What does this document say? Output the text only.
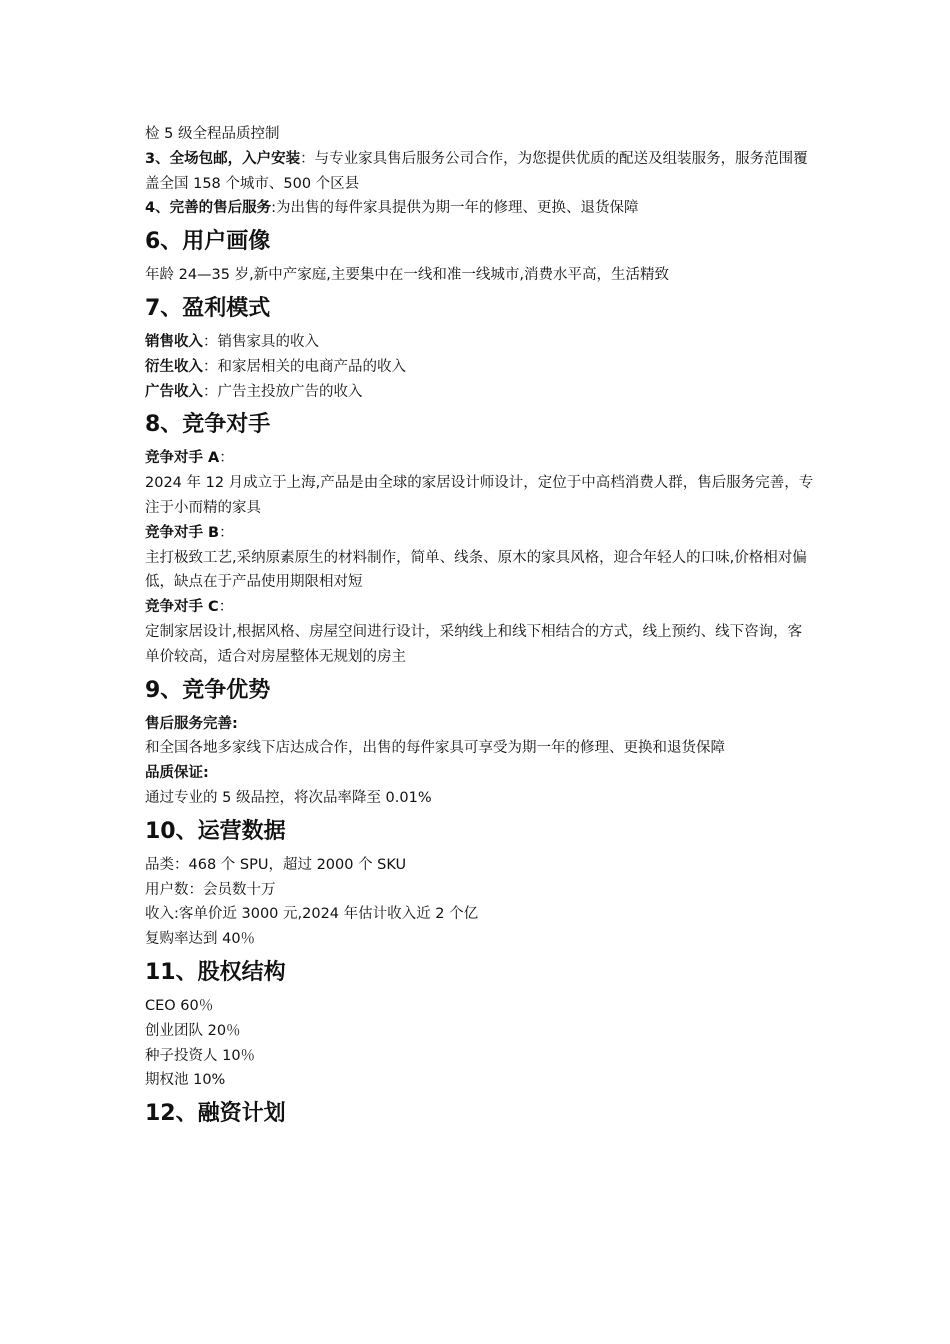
检 5 级全程品质控制

3、全场包邮，入户安装：与专业家具售后服务公司合作，为您提供优质的配送及组装服务，服务范围覆盖全国 158 个城市、500 个区县

4、完善的售后服务:为出售的每件家具提供为期一年的修理、更换、退货保障

6、用户画像

年龄 24—35 岁,新中产家庭,主要集中在一线和准一线城市,消费水平高，生活精致

7、盈利模式

销售收入：销售家具的收入

衍生收入：和家居相关的电商产品的收入

广告收入：广告主投放广告的收入

8、竞争对手

竞争对手 A：

2024 年 12 月成立于上海,产品是由全球的家居设计师设计，定位于中高档消费人群，售后服务完善，专注于小而精的家具

竞争对手 B：

主打极致工艺,采纳原素原生的材料制作，简单、线条、原木的家具风格，迎合年轻人的口味,价格相对偏低，缺点在于产品使用期限相对短

竞争对手 C：

定制家居设计,根据风格、房屋空间进行设计，采纳线上和线下相结合的方式，线上预约、线下咨询，客单价较高，适合对房屋整体无规划的房主

9、竞争优势

售后服务完善:

和全国各地多家线下店达成合作，出售的每件家具可享受为期一年的修理、更换和退货保障

品质保证:

通过专业的 5 级品控，将次品率降至 0.01%

10、运营数据

品类：468 个 SPU，超过 2000 个 SKU

用户数：会员数十万

收入:客单价近 3000 元,2024 年估计收入近 2 个亿

复购率达到 40％

11、股权结构

CEO 60％

创业团队 20％

种子投资人 10％

期权池 10%

12、融资计划
